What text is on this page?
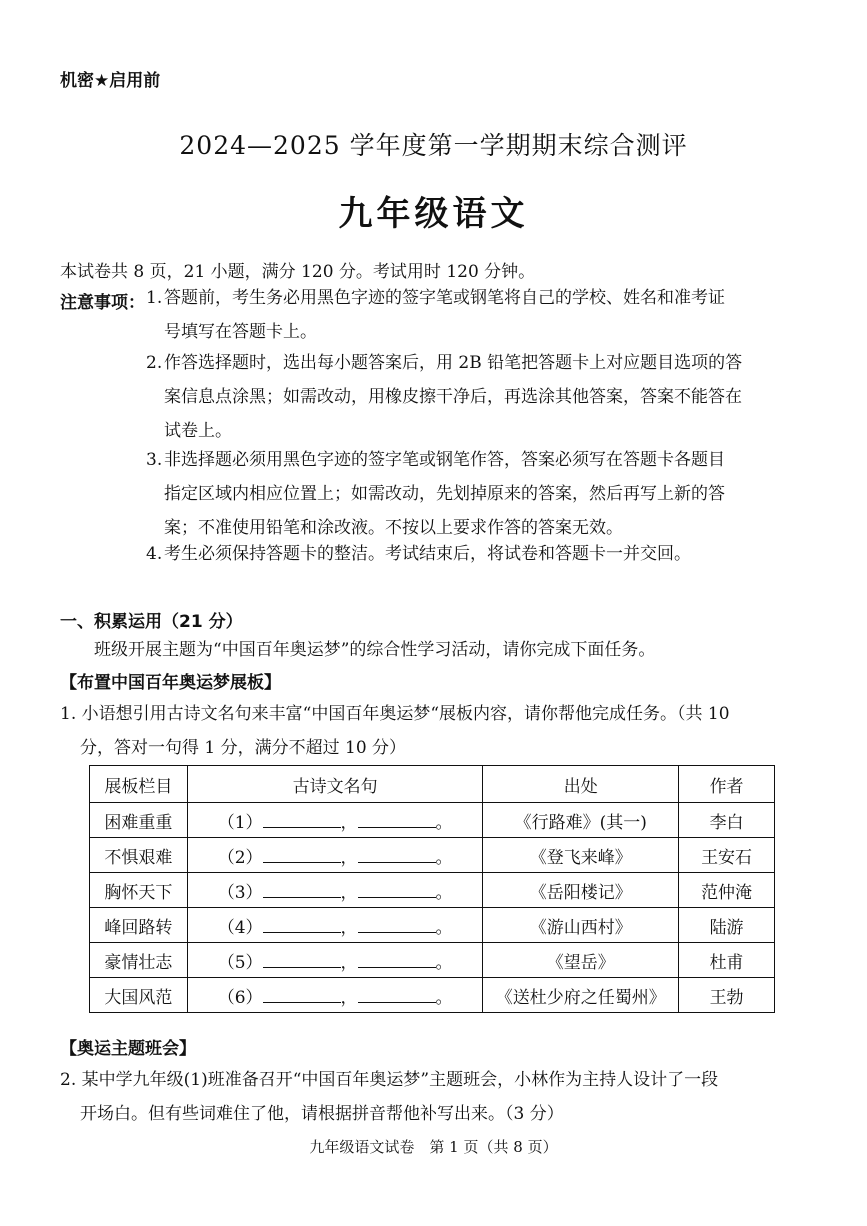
机密★启用前
2024—2025 学年度第一学期期末综合测评
九年级语文
本试卷共 8 页，21 小题，满分 120 分。考试用时 120 分钟。
注意事项： 1. 答题前，考生务必用黑色字迹的签字笔或钢笔将自己的学校、姓名和准考证
号填写在答题卡上。
2. 作答选择题时，选出每小题答案后，用 2B 铅笔把答题卡上对应题目选项的答
案信息点涂黑；如需改动，用橡皮擦干净后，再选涂其他答案，答案不能答在
试卷上。
3. 非选择题必须用黑色字迹的签字笔或钢笔作答，答案必须写在答题卡各题目
指定区域内相应位置上；如需改动，先划掉原来的答案，然后再写上新的答
案；不准使用铅笔和涂改液。不按以上要求作答的答案无效。
4. 考生必须保持答题卡的整洁。考试结束后，将试卷和答题卡一并交回。
一、积累运用（21 分）
班级开展主题为“中国百年奥运梦”的综合性学习活动，请你完成下面任务。
【布置中国百年奥运梦展板】
1. 小语想引用古诗文名句来丰富“中国百年奥运梦“展板内容，请你帮他完成任务。（共 10
分，答对一句得 1 分，满分不超过 10 分）
展板栏目	古诗文名句	出处	作者
困难重重	（1） ， 。	《行路难》(其一)	李白
不惧艰难	（2） ， 。	《登飞来峰》	王安石
胸怀天下	（3） ， 。	《岳阳楼记》	范仲淹
峰回路转	（4） ， 。	《游山西村》	陆游
豪情壮志	（5） ， 。	《望岳》	杜甫
大国风范	（6） ， 。	《送杜少府之任蜀州》	王勃
【奥运主题班会】
2. 某中学九年级(1)班准备召开“中国百年奥运梦”主题班会，小林作为主持人设计了一段
开场白。但有些词难住了他，请根据拼音帮他补写出来。（3 分）
九年级语文试卷　第 1 页（共 8 页）
